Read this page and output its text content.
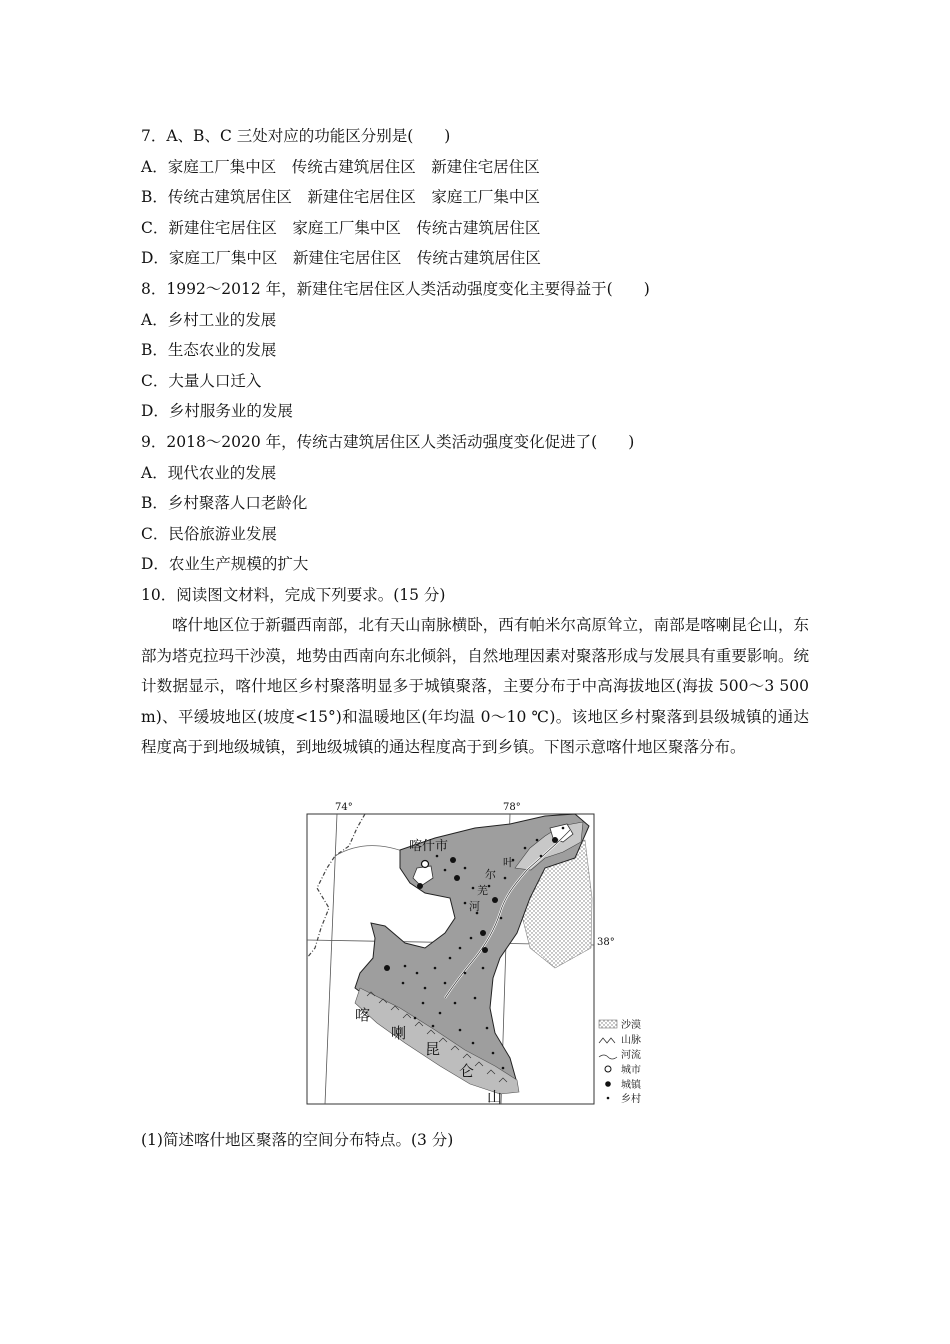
7．A、B、C 三处对应的功能区分别是(　　)
A．家庭工厂集中区　传统古建筑居住区　新建住宅居住区
B．传统古建筑居住区　新建住宅居住区　家庭工厂集中区
C．新建住宅居住区　家庭工厂集中区　传统古建筑居住区
D．家庭工厂集中区　新建住宅居住区　传统古建筑居住区
8．1992～2012 年，新建住宅居住区人类活动强度变化主要得益于(　　)
A．乡村工业的发展
B．生态农业的发展
C．大量人口迁入
D．乡村服务业的发展
9．2018～2020 年，传统古建筑居住区人类活动强度变化促进了(　　)
A．现代农业的发展
B．乡村聚落人口老龄化
C．民俗旅游业发展
D．农业生产规模的扩大
10．阅读图文材料，完成下列要求。(15 分)
喀什地区位于新疆西南部，北有天山南脉横卧，西有帕米尔高原耸立，南部是喀喇昆仑山，东部为塔克拉玛干沙漠，地势由西南向东北倾斜，自然地理因素对聚落形成与发展具有重要影响。统计数据显示，喀什地区乡村聚落明显多于城镇聚落，主要分布于中高海拔地区(海拔 500～3 500 m)、平缓坡地区(坡度<15°)和温暖地区(年均温 0～10 ℃)。该地区乡村聚落到县级城镇的通达程度高于到地级城镇，到地级城镇的通达程度高于到乡镇。下图示意喀什地区聚落分布。
74°	78°
38°
喀什市
叶
尔
羌
河
喀
喇
昆
仑
山
沙漠
山脉
河流
城市
城镇
乡村
(1)简述喀什地区聚落的空间分布特点。(3 分)
